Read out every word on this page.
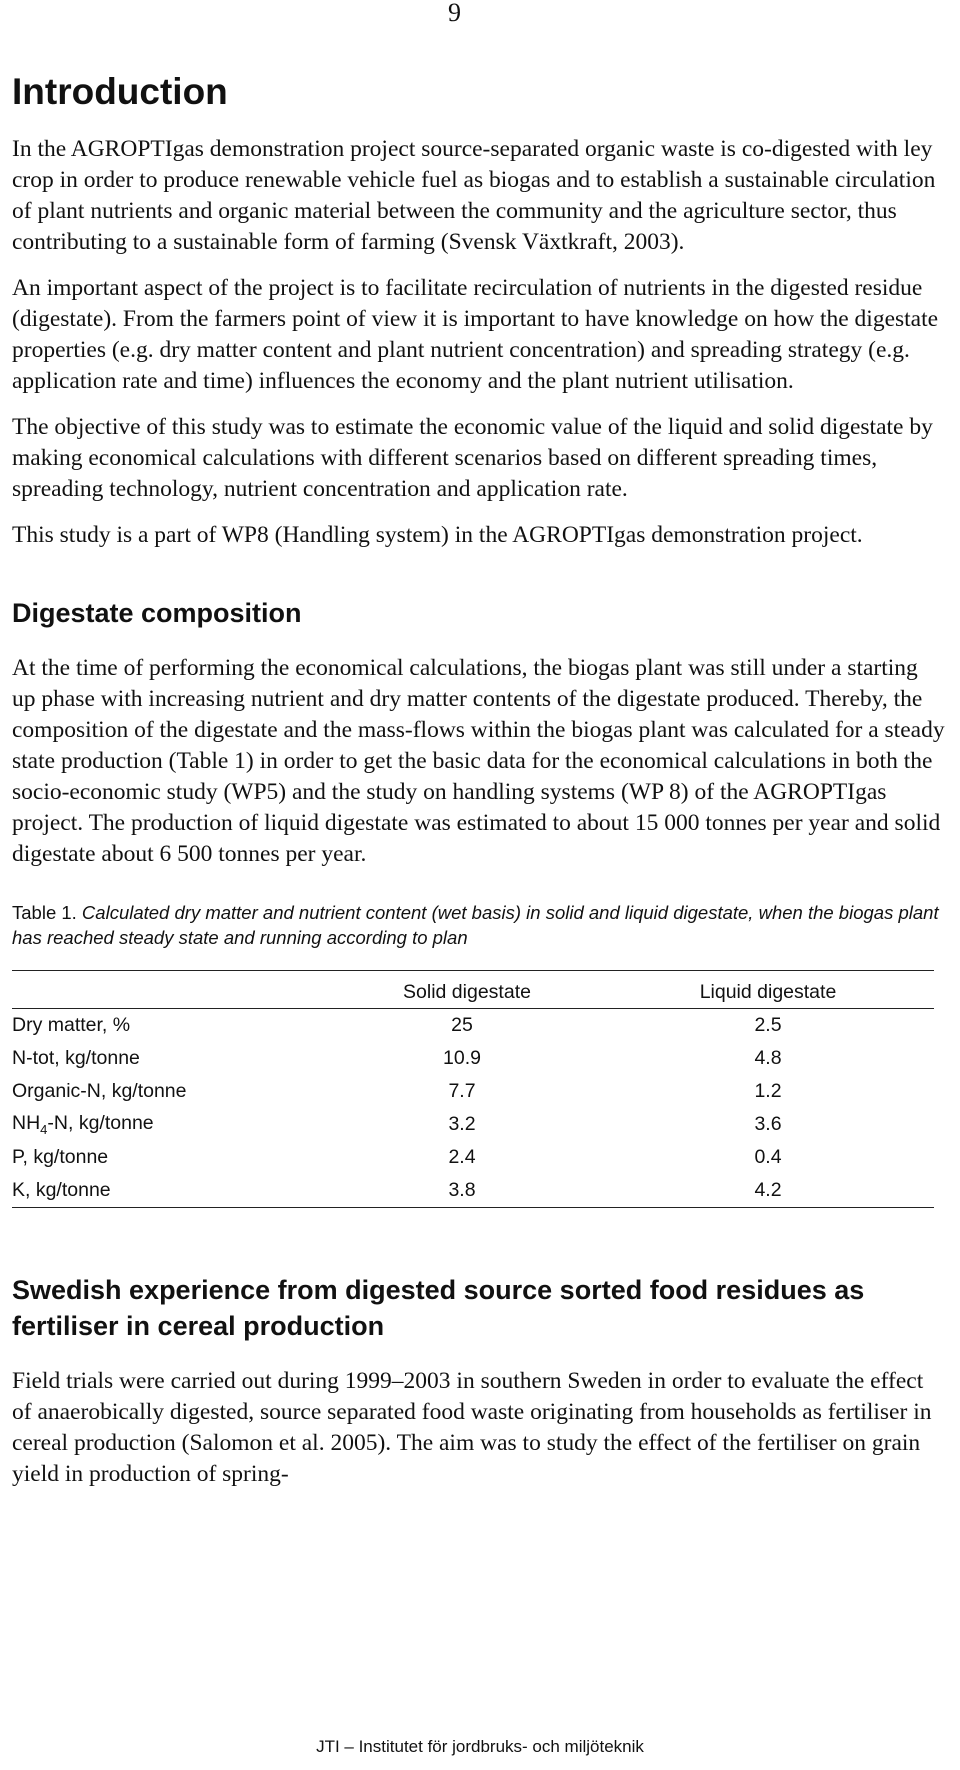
9
Introduction

In the AGROPTIgas demonstration project source-separated organic waste is co-digested with ley crop in order to produce renewable vehicle fuel as biogas and to establish a sustainable circulation of plant nutrients and organic material between the community and the agriculture sector, thus contributing to a sustainable form of farming (Svensk Växtkraft, 2003).

An important aspect of the project is to facilitate recirculation of nutrients in the digested residue (digestate). From the farmers point of view it is important to have knowledge on how the digestate properties (e.g. dry matter content and plant nutrient concentration) and spreading strategy (e.g. application rate and time) influences the economy and the plant nutrient utilisation.

The objective of this study was to estimate the economic value of the liquid and solid digestate by making economical calculations with different scenarios based on different spreading times, spreading technology, nutrient concentration and application rate.

This study is a part of WP8 (Handling system) in the AGROPTIgas demonstration project.

Digestate composition

At the time of performing the economical calculations, the biogas plant was still under a starting up phase with increasing nutrient and dry matter contents of the digestate produced. Thereby, the composition of the digestate and the mass-flows within the biogas plant was calculated for a steady state production (Table 1) in order to get the basic data for the economical calculations in both the socio-economic study (WP5) and the study on handling systems (WP 8) of the AGROPTIgas project. The production of liquid digestate was estimated to about 15 000 tonnes per year and solid digestate about 6 500 tonnes per year.

Table 1. Calculated dry matter and nutrient content (wet basis) in solid and liquid digestate, when the biogas plant has reached steady state and running according to plan
	Solid digestate	Liquid digestate
Dry matter, %	25	2.5
N-tot, kg/tonne	10.9	4.8
Organic-N, kg/tonne	7.7	1.2
$NH_4-N$, kg/tonne	3.2	3.6
P, kg/tonne	2.4	0.4
K, kg/tonne	3.8	4.2
Swedish experience from digested source sorted food residues as fertiliser in cereal production

Field trials were carried out during 1999–2003 in southern Sweden in order to evaluate the effect of anaerobically digested, source separated food waste originating from households as fertiliser in cereal production (Salomon et al. 2005). The aim was to study the effect of the fertiliser on grain yield in production of spring-

JTI – Institutet för jordbruks- och miljöteknik
